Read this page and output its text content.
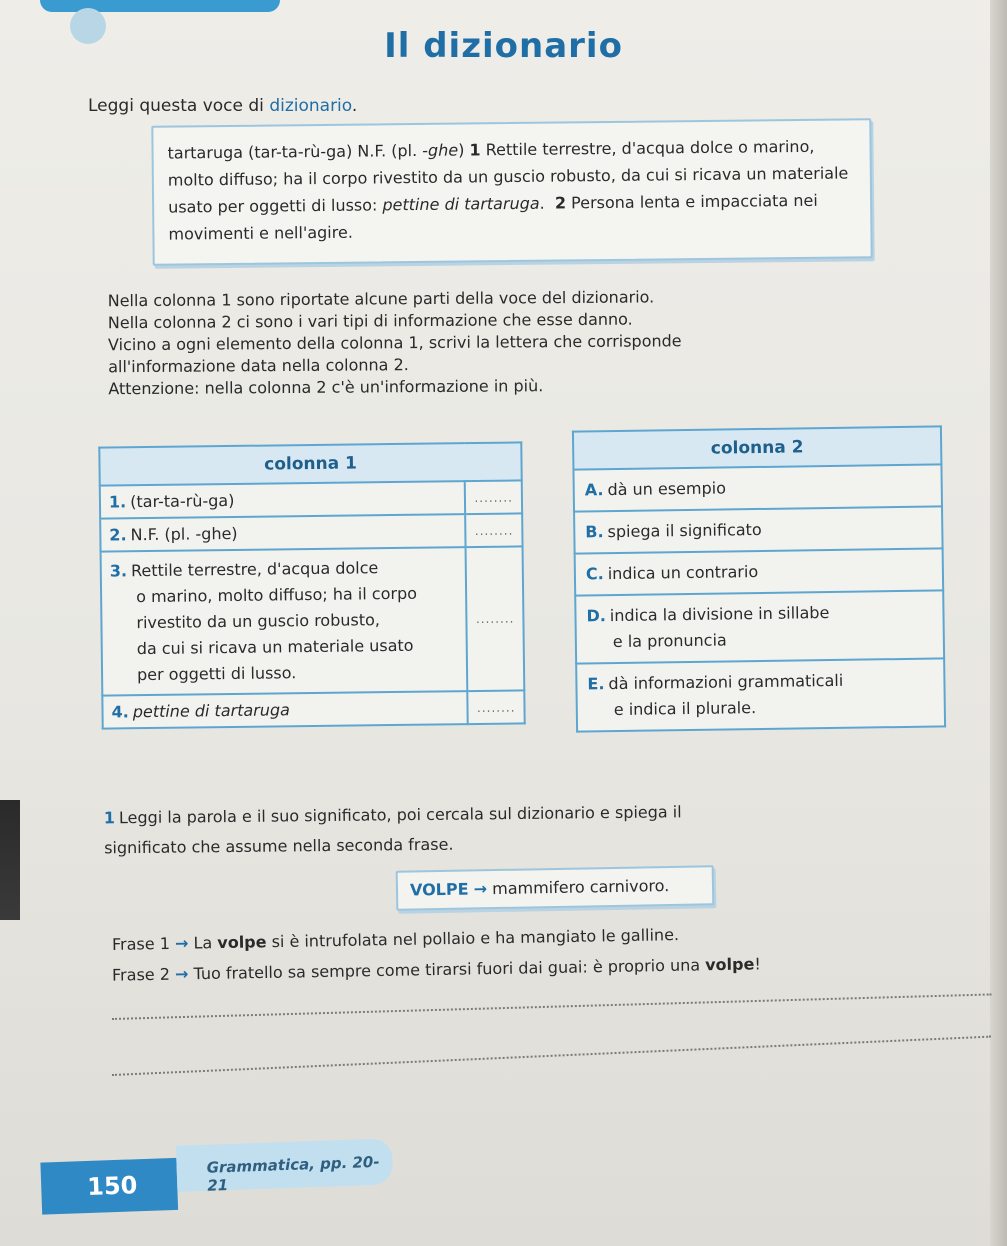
Il dizionario

Leggi questa voce di dizionario.

tartaruga (tar-ta-rù-ga) N.F. (pl. -ghe) 1 Rettile terrestre, d'acqua dolce o marino, molto diffuso; ha il corpo rivestito da un guscio robusto, da cui si ricava un materiale usato per oggetti di lusso: pettine di tartaruga. 2 Persona lenta e impacciata nei movimenti e nell'agire.

Nella colonna 1 sono riportate alcune parti della voce del dizionario.

Nella colonna 2 ci sono i vari tipi di informazione che esse danno.

Vicino a ogni elemento della colonna 1, scrivi la lettera che corrisponde all'informazione data nella colonna 2.

Attenzione: nella colonna 2 c'è un'informazione in più.

colonna 1	
1. (tar-ta-rù-ga)	........
2. N.F. (pl. -ghe)	........
3. Rettile terrestre, d'acqua dolce
o marino, molto diffuso; ha il corpo
rivestito da un guscio robusto,
da cui si ricava un materiale usato
per oggetti di lusso.	........
4. pettine di tartaruga	........
colonna 2
A. dà un esempio
B. spiega il significato
C. indica un contrario
D. indica la divisione in sillabe
e la pronuncia
E. dà informazioni grammaticali
e indica il plurale.

1 Leggi la parola e il suo significato, poi cercala sul dizionario e spiega il significato che assume nella seconda frase.

VOLPE → mammifero carnivoro.

Frase 1 → La volpe si è intrufolata nel pollaio e ha mangiato le galline.

Frase 2 → Tuo fratello sa sempre come tirarsi fuori dai guai: è proprio una volpe!

150
Grammatica, pp. 20-21
